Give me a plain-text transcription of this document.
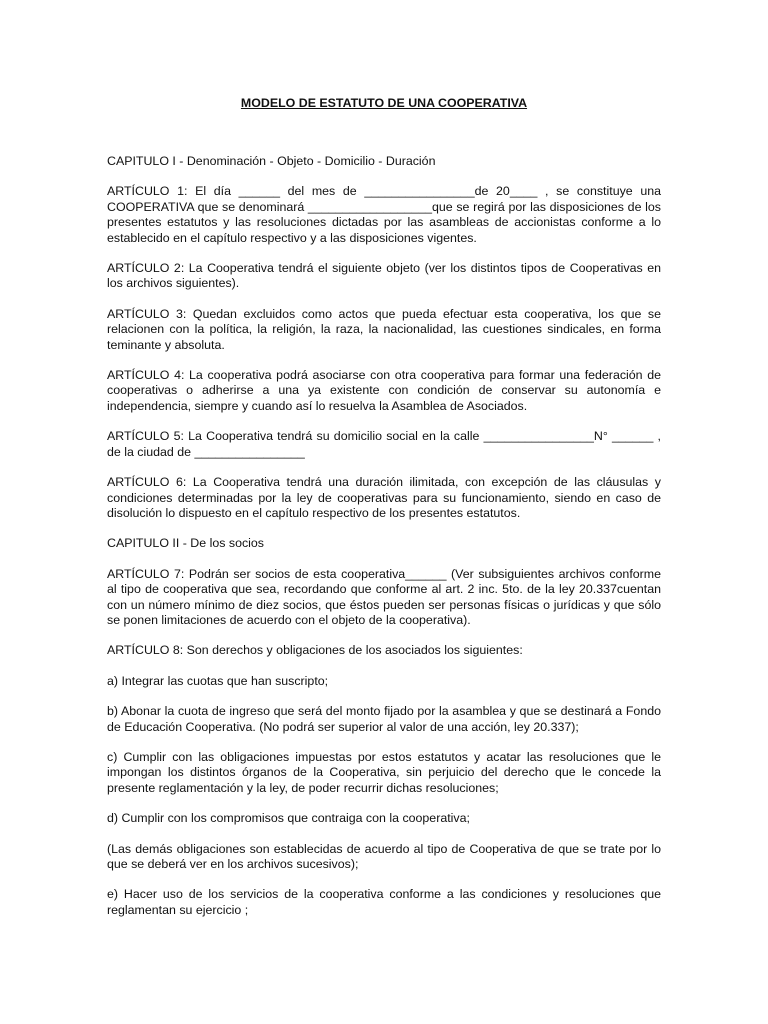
MODELO DE ESTATUTO DE UNA COOPERATIVA

CAPITULO I - Denominación - Objeto - Domicilio - Duración

ARTÍCULO 1: El día ______ del mes de ________________de 20____ , se constituye una COOPERATIVA que se denominará __________________que se regirá por las disposiciones de los presentes estatutos y las resoluciones dictadas por las asambleas de accionistas conforme a lo establecido en el capítulo respectivo y a las disposiciones vigentes.

ARTÍCULO 2: La Cooperativa tendrá el siguiente objeto (ver los distintos tipos de Cooperativas en los archivos siguientes).

ARTÍCULO 3: Quedan excluidos como actos que pueda efectuar esta cooperativa, los que se relacionen con la política, la religión, la raza, la nacionalidad, las cuestiones sindicales, en forma teminante y absoluta.

ARTÍCULO 4: La cooperativa podrá asociarse con otra cooperativa para formar una federación de cooperativas o adherirse a una ya existente con condición de conservar su autonomía e independencia, siempre y cuando así lo resuelva la Asamblea de Asociados.

ARTÍCULO 5: La Cooperativa tendrá su domicilio social en la calle ________________N° ______ , de la ciudad de ________________

ARTÍCULO 6: La Cooperativa tendrá una duración ilimitada, con excepción de las cláusulas y condiciones determinadas por la ley de cooperativas para su funcionamiento, siendo en caso de disolución lo dispuesto en el capítulo respectivo de los presentes estatutos.

CAPITULO II - De los socios

ARTÍCULO 7: Podrán ser socios de esta cooperativa______ (Ver subsiguientes archivos conforme al tipo de cooperativa que sea, recordando que conforme al art. 2 inc. 5to. de la ley 20.337cuentan con un número mínimo de diez socios, que éstos pueden ser personas físicas o jurídicas y que sólo se ponen limitaciones de acuerdo con el objeto de la cooperativa).

ARTÍCULO 8: Son derechos y obligaciones de los asociados los siguientes:

a) Integrar las cuotas que han suscripto;

b) Abonar la cuota de ingreso que será del monto fijado por la asamblea y que se destinará a Fondo de Educación Cooperativa. (No podrá ser superior al valor de una acción, ley 20.337);

c) Cumplir con las obligaciones impuestas por estos estatutos y acatar las resoluciones que le impongan los distintos órganos de la Cooperativa, sin perjuicio del derecho que le concede la presente reglamentación y la ley, de poder recurrir dichas resoluciones;

d) Cumplir con los compromisos que contraiga con la cooperativa;

(Las demás obligaciones son establecidas de acuerdo al tipo de Cooperativa de que se trate por lo que se deberá ver en los archivos sucesivos);

e) Hacer uso de los servicios de la cooperativa conforme a las condiciones y resoluciones que reglamentan su ejercicio ;
